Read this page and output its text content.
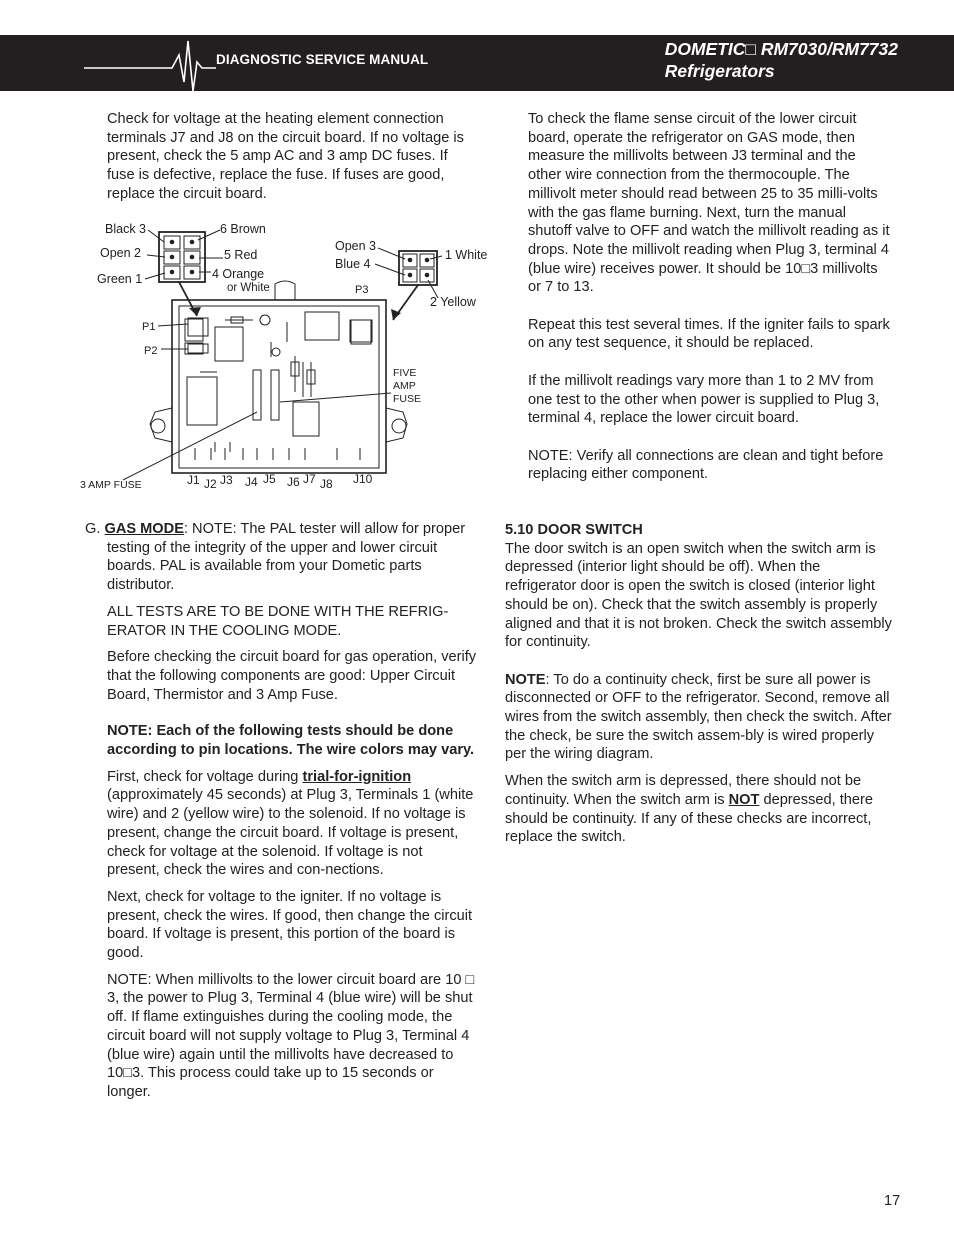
DIAGNOSTIC SERVICE MANUAL
DOMETIC□ RM7030/RM7732
Refrigerators

Check for voltage at the heating element connection terminals J7 and J8 on the circuit board. If no voltage is present, check the 5 amp AC and 3 amp DC fuses. If fuse is defective, replace the fuse. If fuses are good, replace the circuit board.

Black 3	6 Brown
Open 2	5 Red
Green 1	4 Orange
or White
Open 3
Blue 4
1 White
2 Yellow
P3
P1
P2
FIVE
AMP
FUSE
3 AMP FUSE	J1 J2 J3 J4 J5 J6 J7 J8 J10

G. GAS MODE: NOTE: The PAL tester will allow for proper testing of the integrity of the upper and lower circuit boards. PAL is available from your Dometic parts distributor.

ALL TESTS ARE TO BE DONE WITH THE REFRIG-ERATOR IN THE COOLING MODE.

Before checking the circuit board for gas operation, verify that the following components are good: Upper Circuit Board, Thermistor and 3 Amp Fuse.

NOTE: Each of the following tests should be done according to pin locations. The wire colors may vary.

First, check for voltage during trial-for-ignition (approximately 45 seconds) at Plug 3, Terminals 1 (white wire) and 2 (yellow wire) to the solenoid. If no voltage is present, change the circuit board. If voltage is present, check for voltage at the solenoid. If voltage is not present, check the wires and con-nections.

Next, check for voltage to the igniter. If no voltage is present, check the wires. If good, then change the circuit board. If voltage is present, this portion of the board is good.

NOTE: When millivolts to the lower circuit board are 10 □ 3, the power to Plug 3, Terminal 4 (blue wire) will be shut off. If flame extinguishes during the cooling mode, the circuit board will not supply voltage to Plug 3, Terminal 4 (blue wire) again until the millivolts have decreased to 10□3. This process could take up to 15 seconds or longer.

To check the flame sense circuit of the lower circuit board, operate the refrigerator on GAS mode, then measure the millivolts between J3 terminal and the other wire connection from the thermocouple. The millivolt meter should read between 25 to 35 milli-volts with the gas flame burning. Next, turn the manual shutoff valve to OFF and watch the millivolt reading as it drops. Note the millivolt reading when Plug 3, terminal 4 (blue wire) receives power. It should be 10□3 millivolts or 7 to 13.

Repeat this test several times. If the igniter fails to spark on any test sequence, it should be replaced.

If the millivolt readings vary more than 1 to 2 MV from one test to the other when power is supplied to Plug 3, terminal 4, replace the lower circuit board.

NOTE: Verify all connections are clean and tight before replacing either component.

5.10 DOOR SWITCH

The door switch is an open switch when the switch arm is depressed (interior light should be off). When the refrigerator door is open the switch is closed (interior light should be on). Check that the switch assembly is properly aligned and that it is not broken. Check the switch assembly for continuity.

NOTE: To do a continuity check, first be sure all power is disconnected or OFF to the refrigerator. Second, remove all wires from the switch assembly, then check the switch. After the check, be sure the switch assem-bly is wired properly per the wiring diagram.

When the switch arm is depressed, there should not be continuity. When the switch arm is NOT depressed, there should be continuity. If any of these checks are incorrect, replace the switch.

17
